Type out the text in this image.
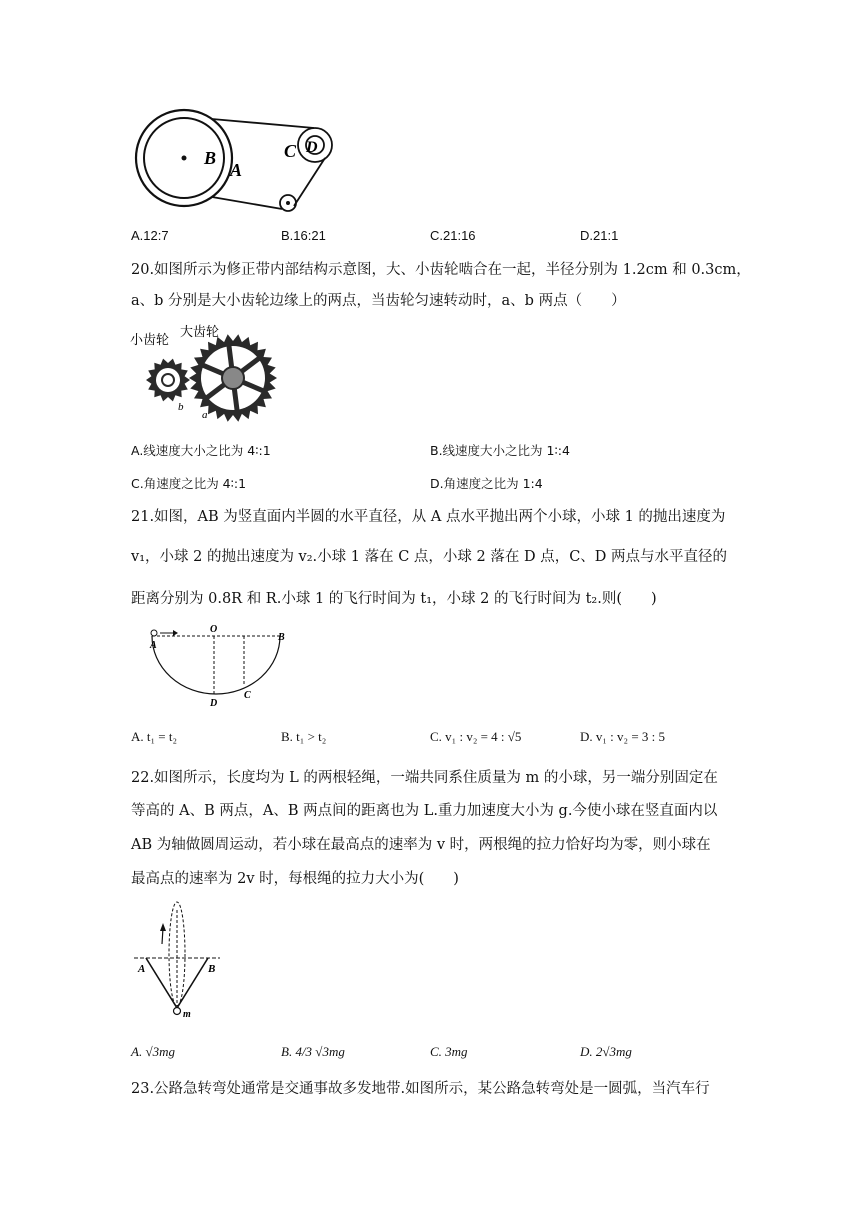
B
A
C D
A.12:7	B.16:21	C.21:16	D.21:1
20.如图所示为修正带内部结构示意图，大、小齿轮啮合在一起，半径分别为 1.2cm 和 0.3cm，
a、b 分别是大小齿轮边缘上的两点，当齿轮匀速转动时，a、b 两点（　　）
小齿轮
大齿轮
b
a
A.线速度大小之比为 4∶:1	B.线速度大小之比为 1∶:4
C.角速度之比为 4∶:1	D.角速度之比为 1:4
21.如图，AB 为竖直面内半圆的水平直径，从 A 点水平抛出两个小球，小球 1 的抛出速度为
v₁，小球 2 的抛出速度为 v₂.小球 1 落在 C 点，小球 2 落在 D 点，C、D 两点与水平直径的
距离分别为 0.8R 和 R.小球 1 的飞行时间为 t₁，小球 2 的飞行时间为 t₂.则(　　)
A
O
B
D
C
A. t₁ = t₂	B. t₁ > t₂	C. v₁ : v₂ = 4 : √5	D. v₁ : v₂ = 3 : 5
22.如图所示，长度均为 L 的两根轻绳，一端共同系住质量为 m 的小球，另一端分别固定在
等高的 A、B 两点，A、B 两点间的距离也为 L.重力加速度大小为 g.今使小球在竖直面内以
AB 为轴做圆周运动，若小球在最高点的速率为 v 时，两根绳的拉力恰好均为零，则小球在
最高点的速率为 2v 时，每根绳的拉力大小为(　　)
A	B
m
A. √3mg	B. 4/3 √3mg	C. 3mg	D. 2√3mg
23.公路急转弯处通常是交通事故多发地带.如图所示，某公路急转弯处是一圆弧，当汽车行
